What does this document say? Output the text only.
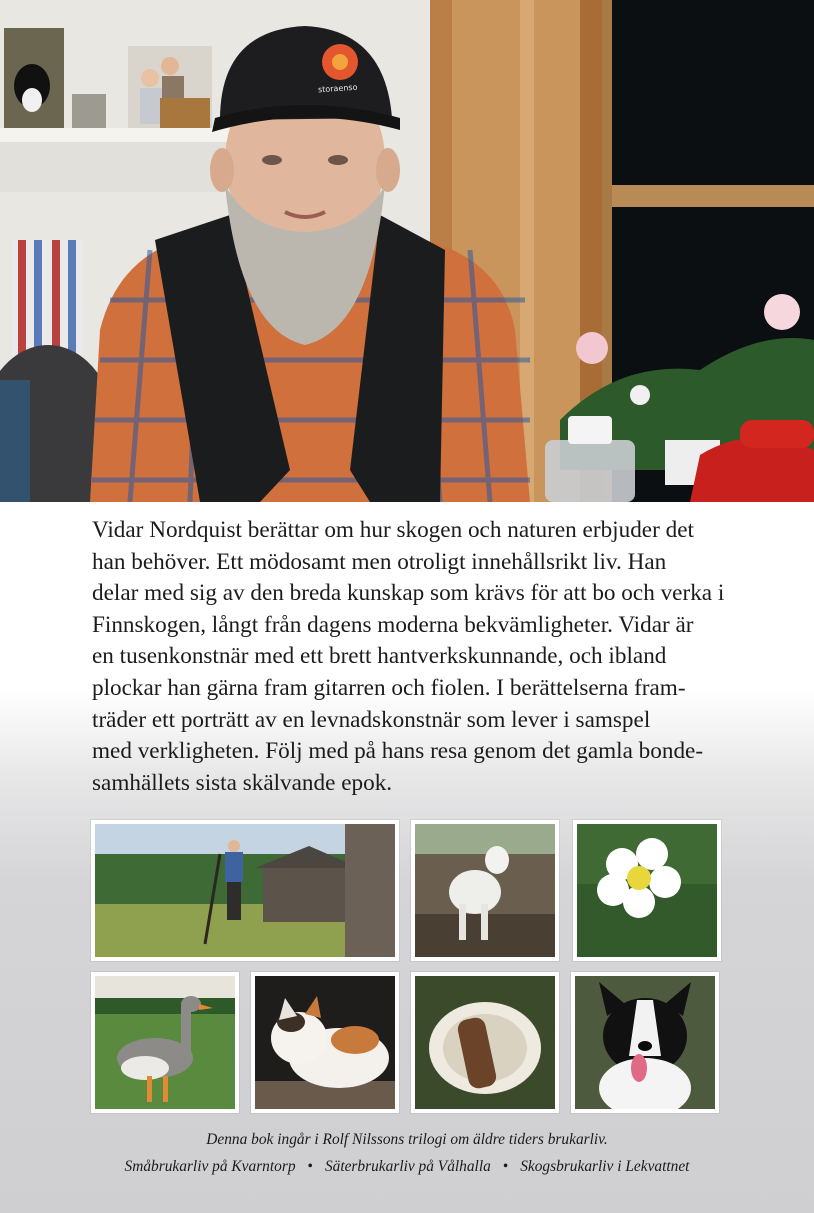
storaenso

Vidar Nordquist berättar om hur skogen och naturen erbjuder det
han behöver. Ett mödosamt men otroligt innehållsrikt liv. Han
delar med sig av den breda kunskap som krävs för att bo och verka i
Finnskogen, långt från dagens moderna bekvämligheter. Vidar är
en tusenkonstnär med ett brett hantverkskunnande, och ibland
plockar han gärna fram gitarren och fiolen. I berättelserna fram-
träder ett porträtt av en levnadskonstnär som lever i samspel
med verkligheten. Följ med på hans resa genom det gamla bonde-
samhällets sista skälvande epok.

Denna bok ingår i Rolf Nilssons trilogi om äldre tiders brukarliv.
Småbrukarliv på Kvarntorp • Säterbrukarliv på Vålhalla • Skogsbrukarliv i Lekvattnet
